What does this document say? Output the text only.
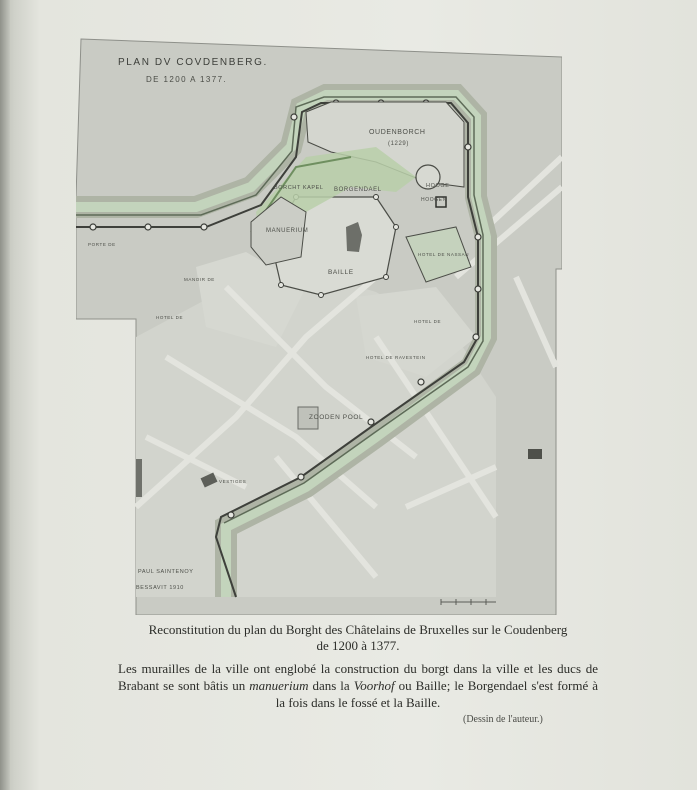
PLAN DV COVDENBERG.

DE 1200 A 1377.

OUDENBORCH
(1229)
BORGENDAEL
BORCHT KAPEL
MANUERIUM
BAILLE
ZOODEN POOL
HOOGE
HOOGEN
PORTE DE
MANOIR DE
HOTEL DE
HOTEL DE
VESTIGES
HOTEL DE RAVESTEIN
HOTEL DE NASSAU
PAUL SAINTENOY
BESSAVIT 1910

Reconstitution du plan du Borght des Châtelains de Bruxelles sur le Coudenberg

de 1200 à 1377.

Les murailles de la ville ont englobé la construction du borgt dans la ville et les ducs de Brabant se sont bâtis un manuerium dans la Voorhof ou Baille; le Borgendael s'est formé à la fois dans le fossé et la Baille.

(Dessin de l'auteur.)
